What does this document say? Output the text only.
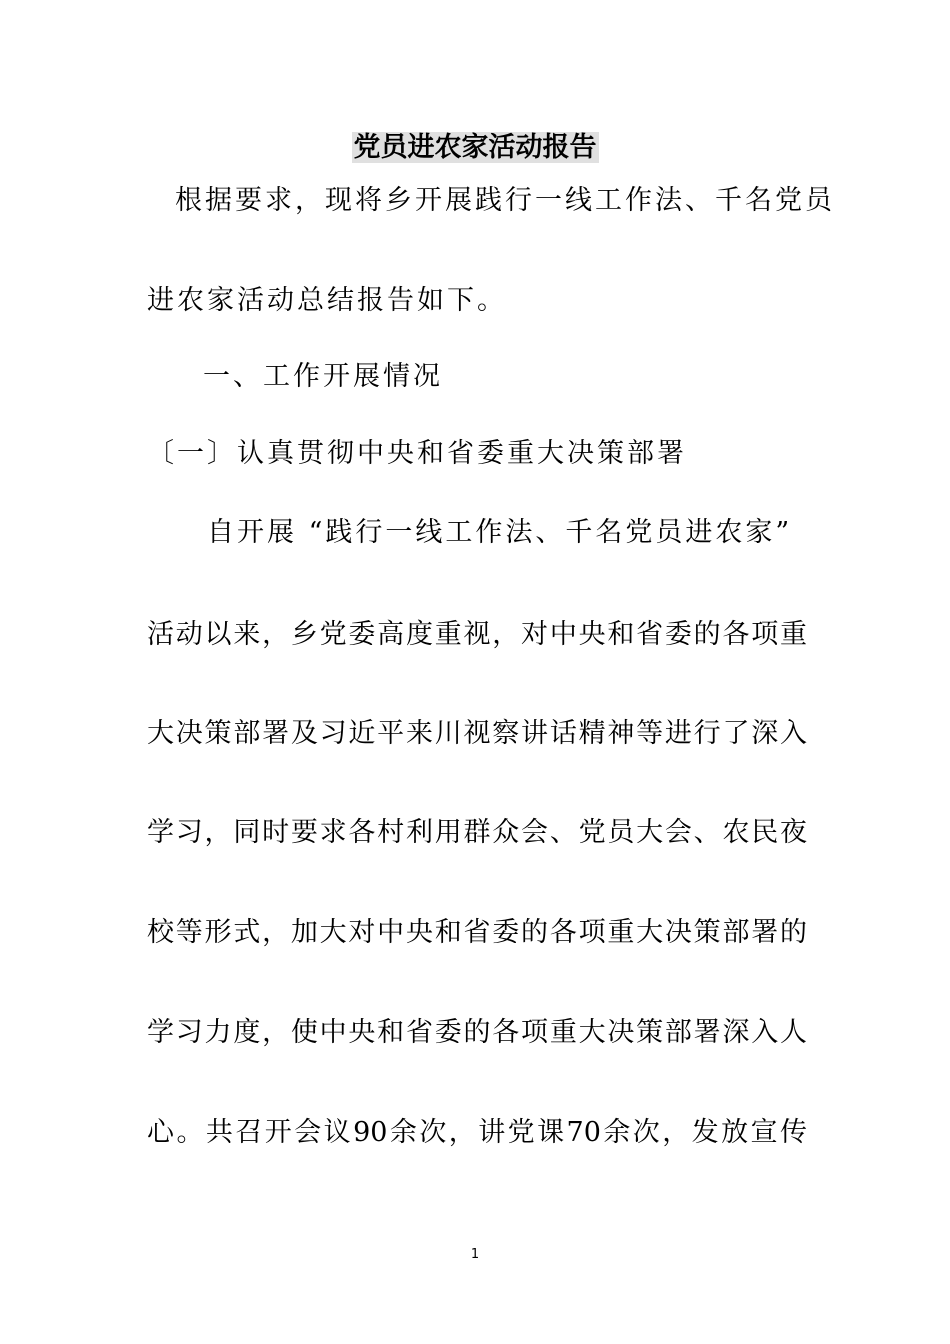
党员进农家活动报告
根据要求，现将乡开展践行一线工作法、千名党员
进农家活动总结报告如下。
一、工作开展情况
〔一〕认真贯彻中央和省委重大决策部署
自开展 “践行一线工作法、千名党员进农家”
活动以来，乡党委高度重视，对中央和省委的各项重
大决策部署及习近平来川视察讲话精神等进行了深入
学习，同时要求各村利用群众会、党员大会、农民夜
校等形式，加大对中央和省委的各项重大决策部署的
学习力度，使中央和省委的各项重大决策部署深入人
心。共召开会议90余次，讲党课70余次，发放宣传
1
